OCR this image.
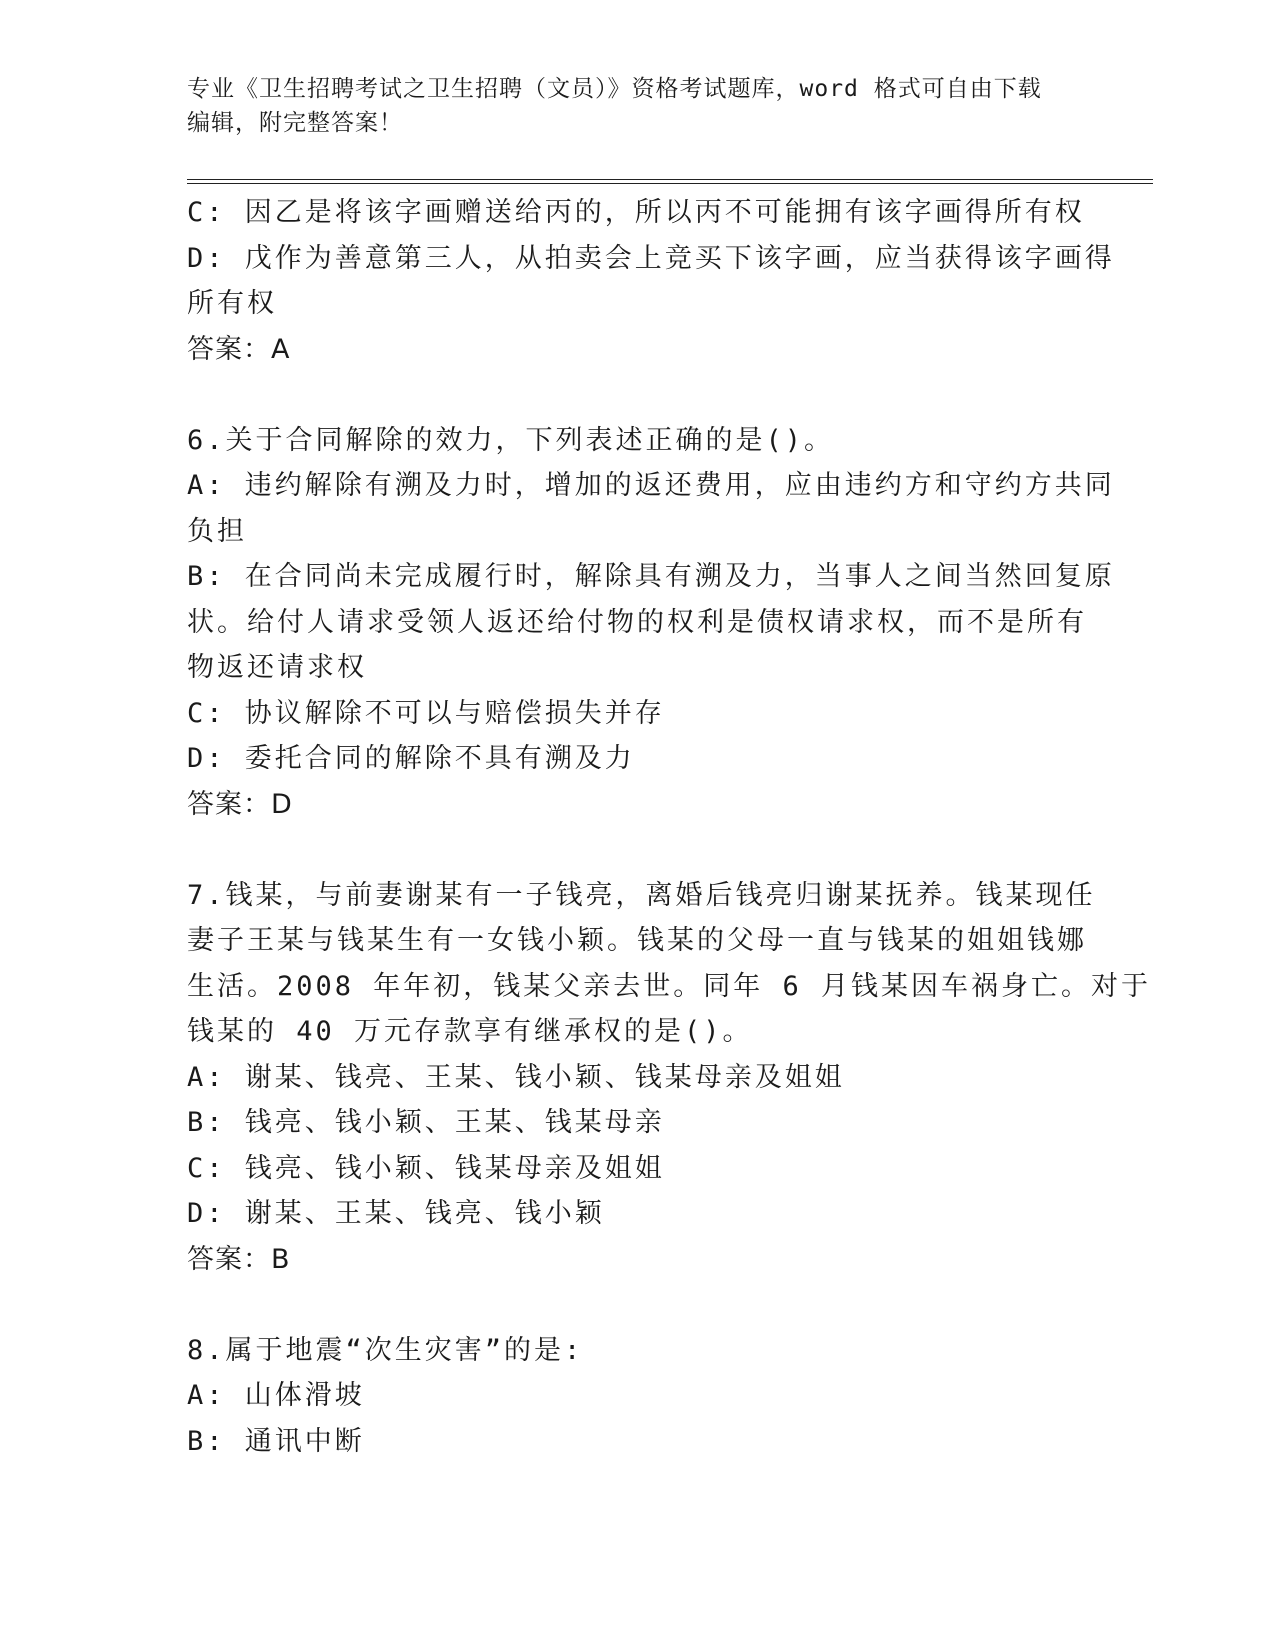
专业《卫生招聘考试之卫生招聘（文员）》资格考试题库，word 格式可自由下载
编辑，附完整答案！
C: 因乙是将该字画赠送给丙的，所以丙不可能拥有该字画得所有权
D: 戊作为善意第三人，从拍卖会上竞买下该字画，应当获得该字画得
所有权
答案：A
6.关于合同解除的效力，下列表述正确的是()。
A: 违约解除有溯及力时，增加的返还费用，应由违约方和守约方共同
负担
B: 在合同尚未完成履行时，解除具有溯及力，当事人之间当然回复原
状。给付人请求受领人返还给付物的权利是债权请求权，而不是所有
物返还请求权
C: 协议解除不可以与赔偿损失并存
D: 委托合同的解除不具有溯及力
答案：D
7.钱某，与前妻谢某有一子钱亮，离婚后钱亮归谢某抚养。钱某现任
妻子王某与钱某生有一女钱小颖。钱某的父母一直与钱某的姐姐钱娜
生活。2008 年年初，钱某父亲去世。同年 6 月钱某因车祸身亡。对于
钱某的 40 万元存款享有继承权的是()。
A: 谢某、钱亮、王某、钱小颖、钱某母亲及姐姐
B: 钱亮、钱小颖、王某、钱某母亲
C: 钱亮、钱小颖、钱某母亲及姐姐
D: 谢某、王某、钱亮、钱小颖
答案：B
8.属于地震“次生灾害”的是:
A: 山体滑坡
B: 通讯中断
